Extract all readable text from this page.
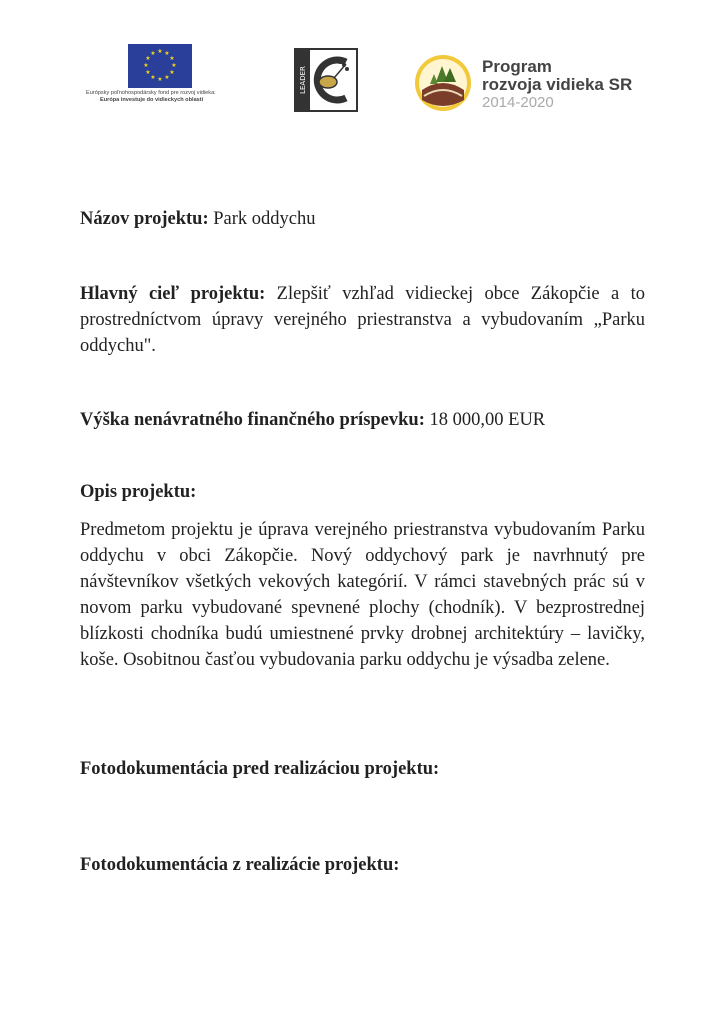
★ ★
★
★
★
★
★
★
★
★
★
★
Európsky poľnohospodársky fond pre rozvoj vidieka:
Európa investuje do vidieckych oblastí
LEADER	Program
rozvoja vidieka SR
2014-2020
Názov projektu: Park oddychu
Hlavný cieľ projektu: Zlepšiť vzhľad vidieckej obce Zákopčie a to prostredníctvom úpravy verejného priestranstva a vybudovaním „Parku oddychu".
Výška nenávratného finančného príspevku: 18 000,00 EUR
Opis projektu:
Predmetom projektu je úprava verejného priestranstva vybudovaním Parku oddychu v obci Zákopčie. Nový oddychový park je navrhnutý pre návštevníkov všetkých vekových kategórií. V rámci stavebných prác sú v novom parku vybudované spevnené plochy (chodník). V bezprostrednej blízkosti chodníka budú umiestnené prvky drobnej architektúry – lavičky, koše. Osobitnou časťou vybudovania parku oddychu je výsadba zelene.
Fotodokumentácia pred realizáciou projektu:
Fotodokumentácia z realizácie projektu:
